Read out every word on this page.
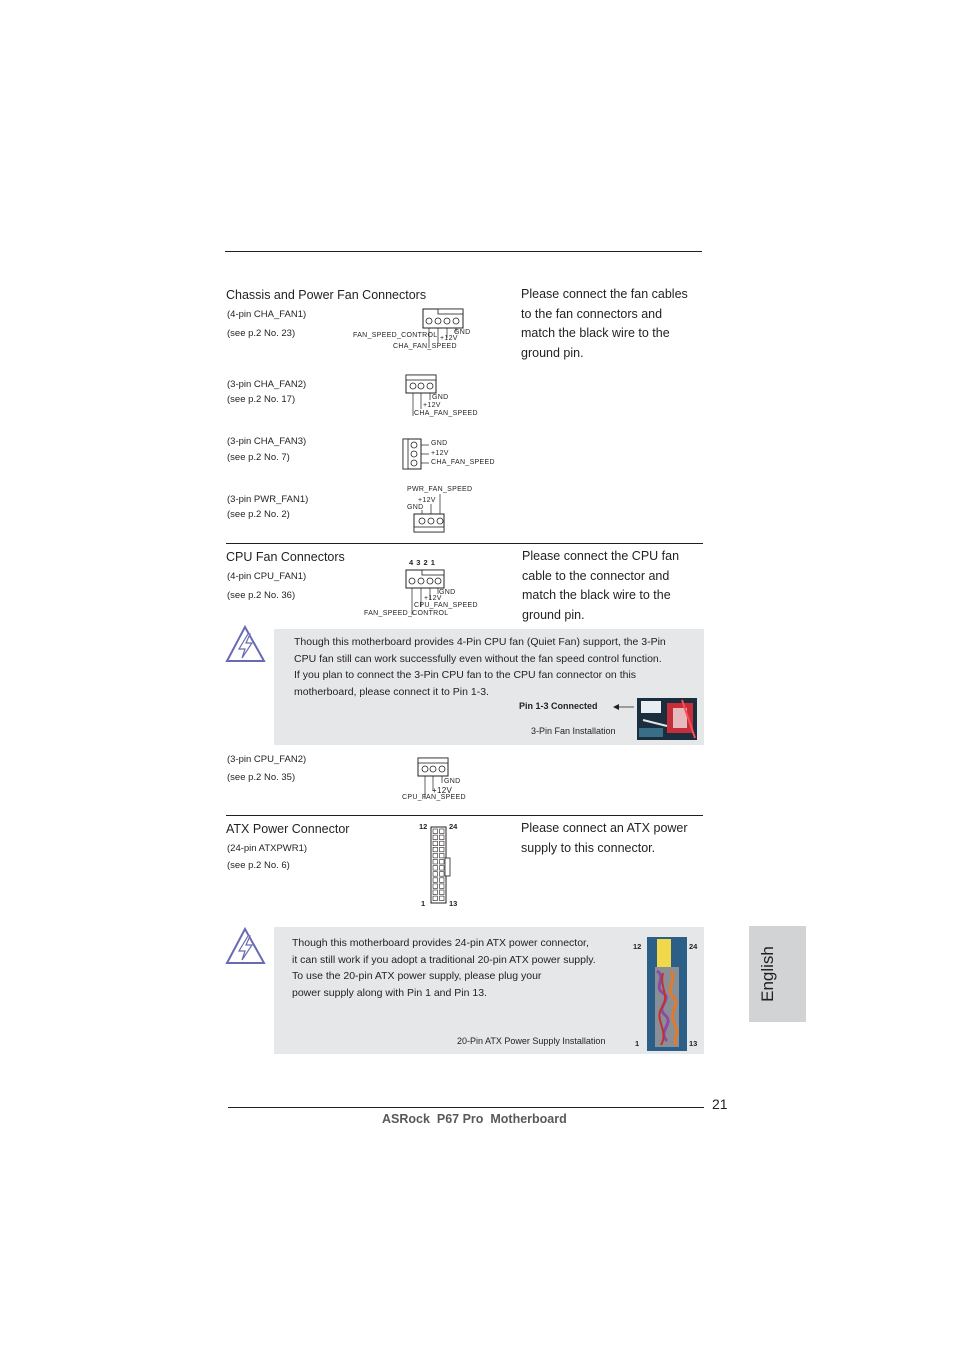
Chassis and Power Fan Connectors	Please connect the fan cables
to the fan connectors and
match the black wire to the
ground pin.
(4-pin CHA_FAN1)
(see p.2 No. 23)	FAN_SPEED_CONTROL GND
+12V
CHA_FAN_SPEED
(3-pin CHA_FAN2)
(see p.2 No. 17)	GND
+12V
CHA_FAN_SPEED
(3-pin CHA_FAN3)
(see p.2 No. 7)
GND
+12V
CHA_FAN_SPEED
(3-pin PWR_FAN1)
(see p.2 No. 2)
PWR_FAN_SPEED
+12V
GND
CPU Fan Connectors	Please connect the CPU fan
cable to the connector and
match the black wire to the
ground pin.
(4-pin CPU_FAN1)
(see p.2 No. 36)
4 3 2 1
GND
+12V
CPU_FAN_SPEED
FAN_SPEED_CONTROL
Though this motherboard provides 4-Pin CPU fan (Quiet Fan) support, the 3-Pin
CPU fan still can work successfully even without the fan speed control function.
If you plan to connect the 3-Pin CPU fan to the CPU fan connector on this
motherboard, please connect it to Pin 1-3.
Pin 1-3 Connected
3-Pin Fan Installation
(3-pin CPU_FAN2)
(see p.2 No. 35)	GND
+12V
CPU_FAN_SPEED
ATX Power Connector	Please connect an ATX power
supply to this connector.
(24-pin ATXPWR1)
(see p.2 No. 6)
12	24
1	13
Though this motherboard provides 24-pin ATX power connector,
it can still work if you adopt a traditional 20-pin ATX power supply.
To use the 20-pin ATX power supply, please plug your
power supply along with Pin 1 and Pin 13.
20-Pin ATX Power Supply Installation
12	24
1	13
English
21
ASRock  P67 Pro  Motherboard
